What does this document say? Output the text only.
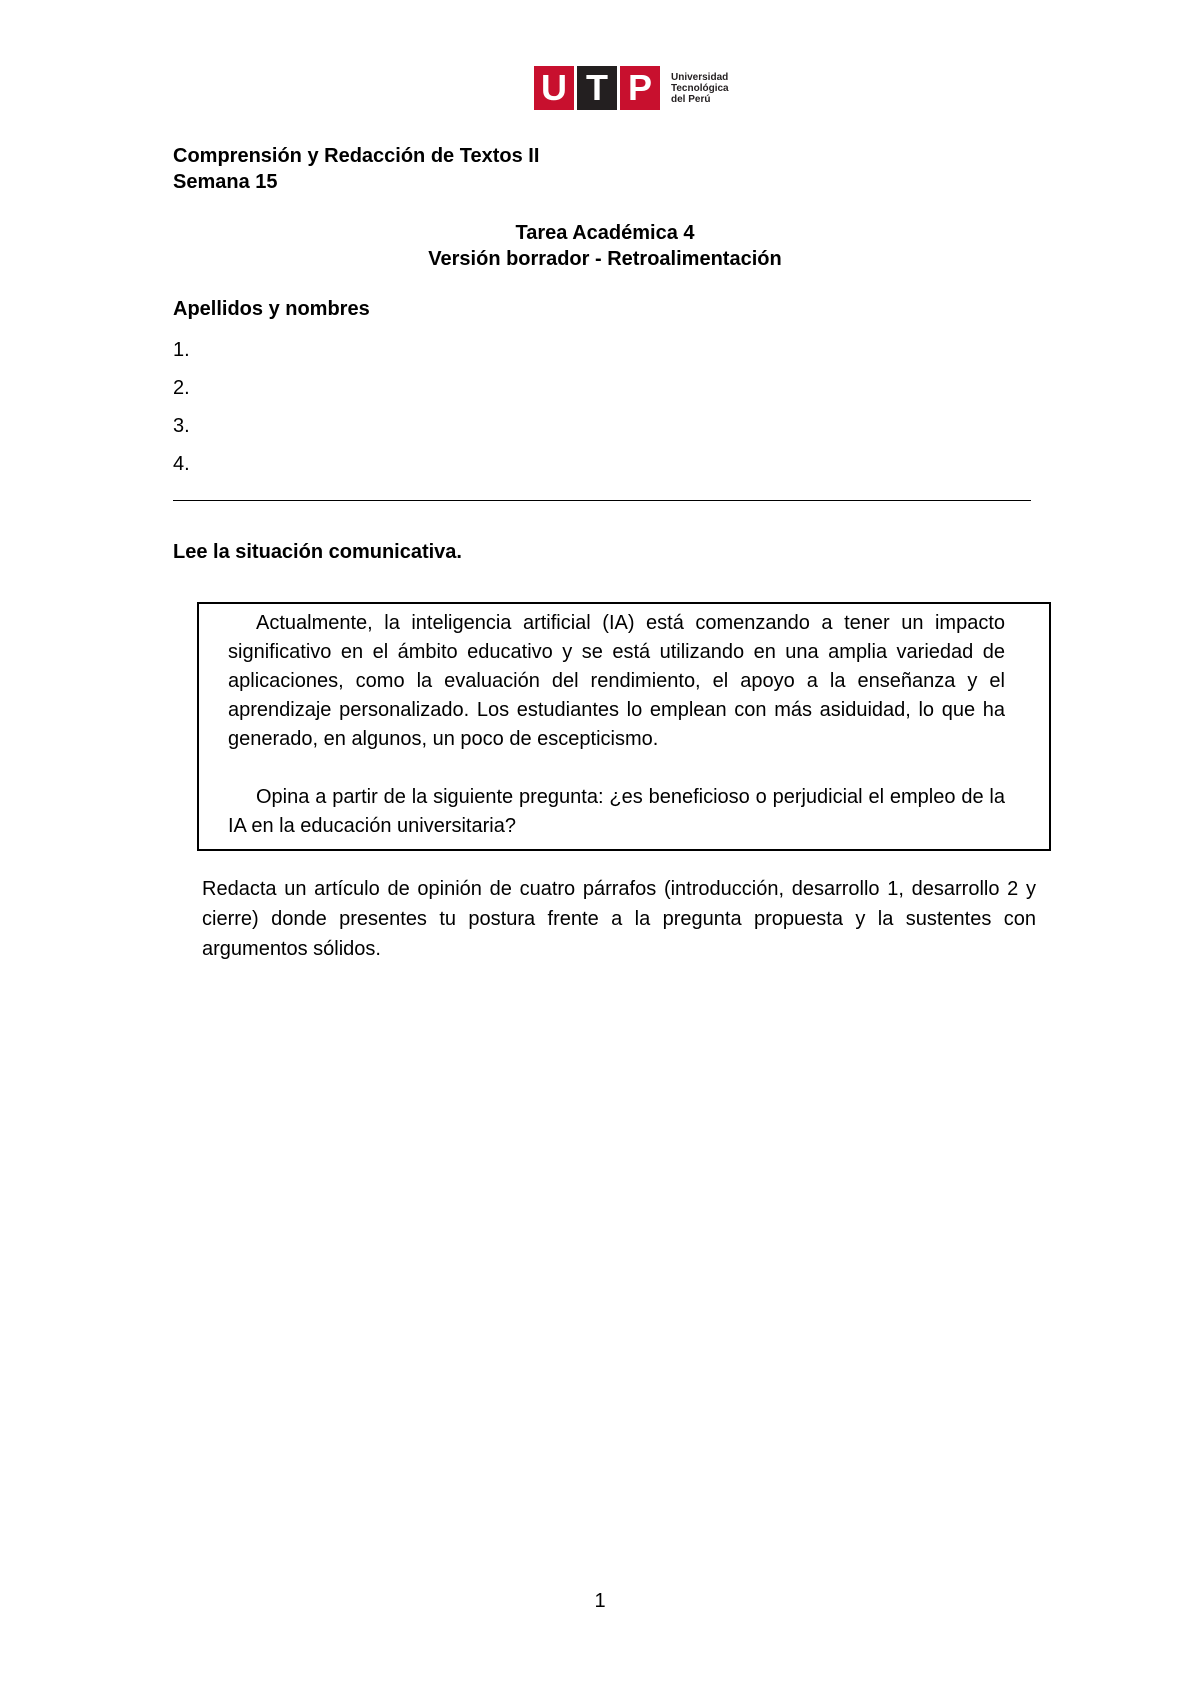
U T P	Universidad
Tecnológica
del Perú
Comprensión y Redacción de Textos II
Semana 15
Tarea Académica 4
Versión borrador - Retroalimentación
Apellidos y nombres
1.
2.
3.
4.
Lee la situación comunicativa.

Actualmente, la inteligencia artificial (IA) está comenzando a tener un impacto significativo en el ámbito educativo y se está utilizando en una amplia variedad de aplicaciones, como la evaluación del rendimiento, el apoyo a la enseñanza y el aprendizaje personalizado. Los estudiantes lo emplean con más asiduidad, lo que ha generado, en algunos, un poco de escepticismo.

Opina a partir de la siguiente pregunta: ¿es beneficioso o perjudicial el empleo de la IA en la educación universitaria?

Redacta un artículo de opinión de cuatro párrafos (introducción, desarrollo 1, desarrollo 2 y cierre) donde presentes tu postura frente a la pregunta propuesta y la sustentes con argumentos sólidos.

1
